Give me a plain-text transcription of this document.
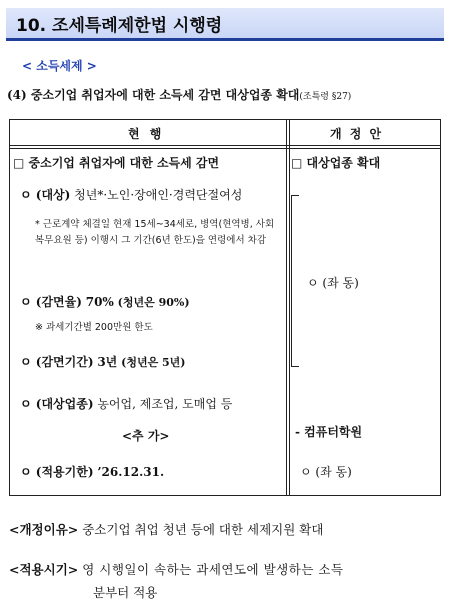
10. 조세특례제한법 시행령
< 소득세제 >
(4) 중소기업 취업자에 대한 소득세 감면 대상업종 확대(조특령 §27)
현 행	개 정 안
□ 중소기업 취업자에 대한 소득세 감면
ㅇ (대상) 청년*·노인·장애인·경력단절여성
* 근로계약 체결일 현재 15세~34세로, 병역(현역병, 사회복무요원 등) 이행시 그 기간(6년 한도)을 연령에서 차감
ㅇ (감면율) 70% (청년은 90%)
※ 과세기간별 200만원 한도
ㅇ (감면기간) 3년 (청년은 5년)
ㅇ (대상업종) 농어업, 제조업, 도매업 등
<추 가>
ㅇ (적용기한) ’26.12.31.
□ 대상업종 확대
ㅇ (좌 동)
- 컴퓨터학원
ㅇ (좌 동)
<개정이유> 중소기업 취업 청년 등에 대한 세제지원 확대
<적용시기> 영 시행일이 속하는 과세연도에 발생하는 소득
분부터 적용
